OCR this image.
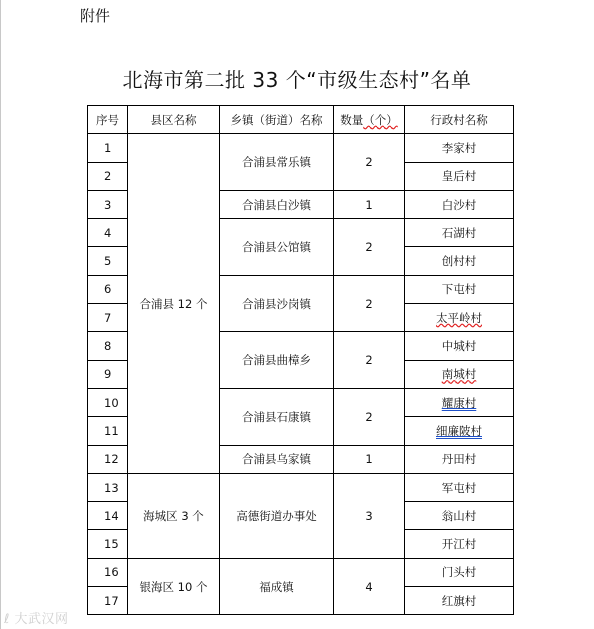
附件
北海市第二批 33 个“市级生态村”名单
序号	县区名称	乡镇（街道）名称	数量（个）	行政村名称
1	合浦县 12 个	合浦县常乐镇	2	李家村
2				皇后村
3		合浦县白沙镇	1	白沙村
4		合浦县公馆镇	2	石湖村
5				创村村
6		合浦县沙岗镇	2	下屯村
7				太平岭村
8		合浦县曲樟乡	2	中城村
9				南城村
10		合浦县石康镇	2	耀康村
11				细廉陂村
12		合浦县乌家镇	1	丹田村
13	海城区 3 个	高德街道办事处	3	军屯村
14				翁山村
15				开江村
16	银海区 10 个	福成镇	4	门头村
17				红旗村
ℓ 大武汉网
